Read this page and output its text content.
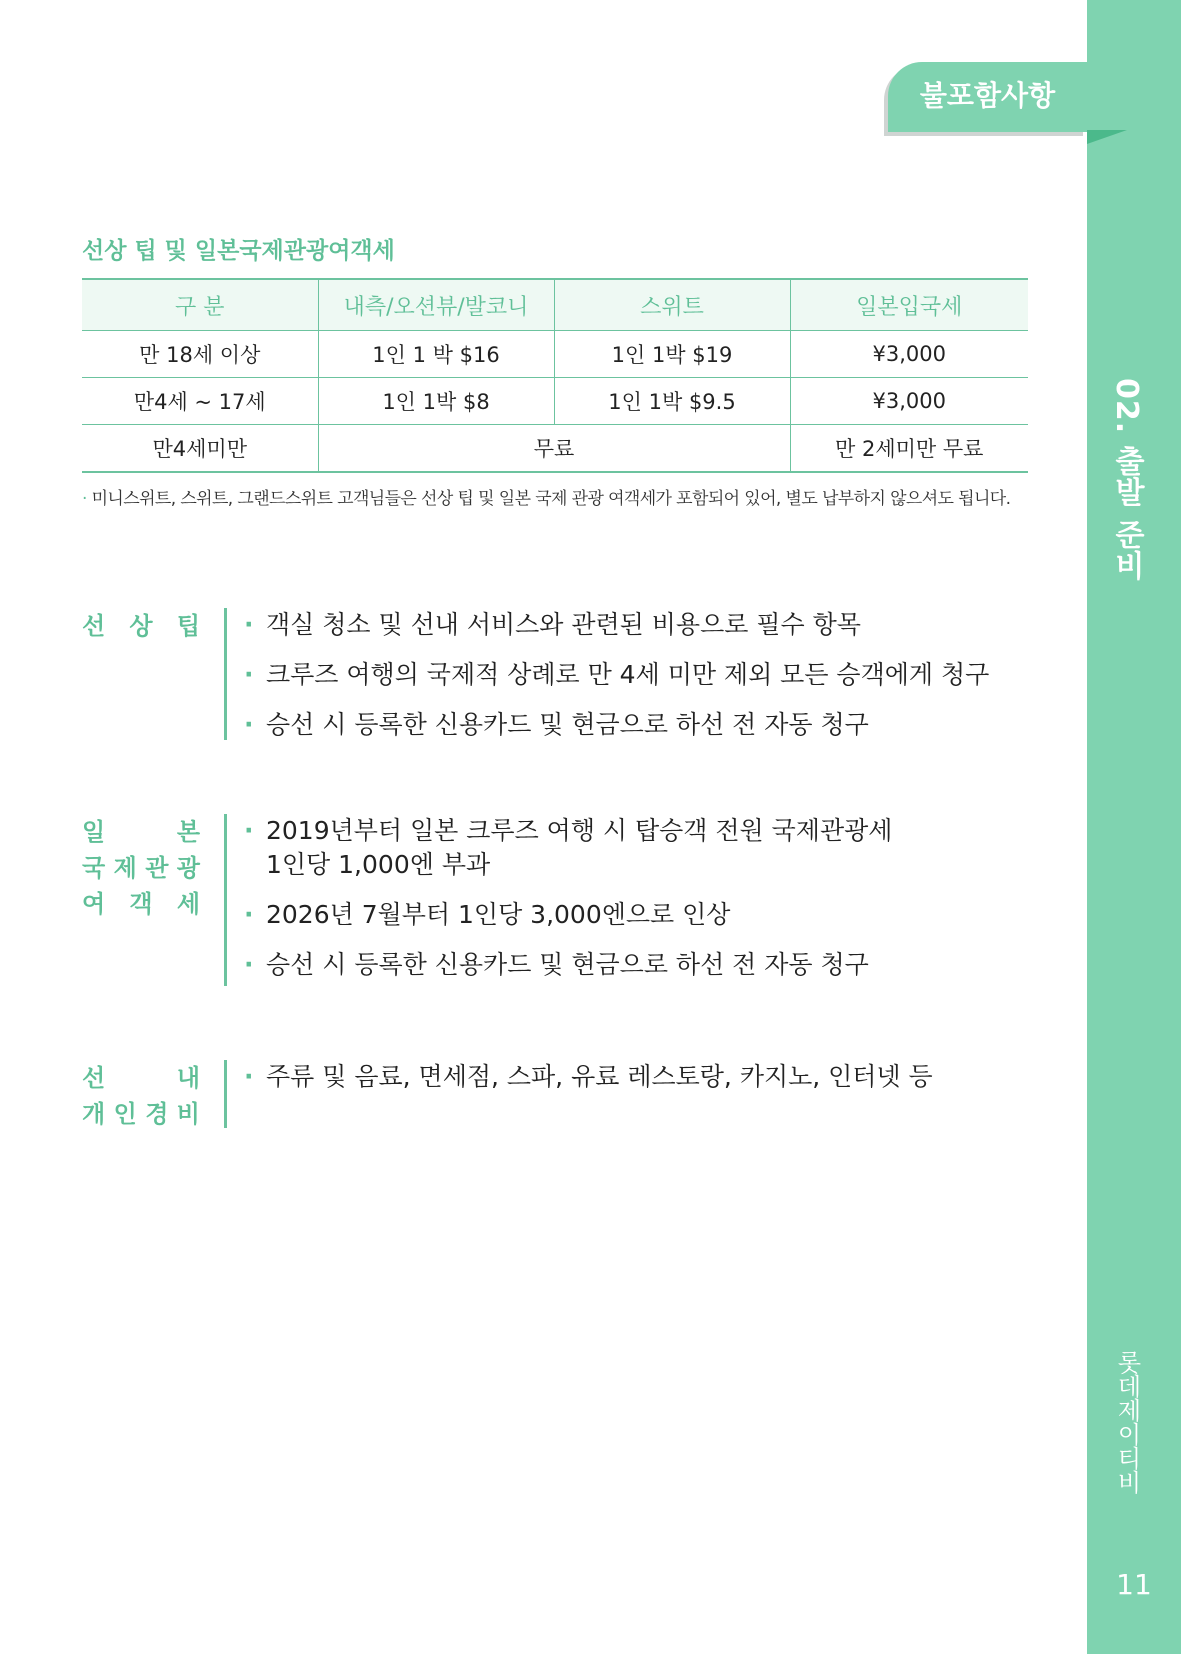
02. 출발 준비
롯데제이티비
11
불포함사항
선상 팁 및 일본국제관광여객세
구 분	내측/오션뷰/발코니	스위트	일본입국세
만 18세 이상	1인 1 박 $16	1인 1박 $19	¥3,000
만4세 ~ 17세	1인 1박 $8	1인 1박 $9.5	¥3,000
만4세미만	무료		만 2세미만 무료
· 미니스위트, 스위트, 그랜드스위트 고객님들은 선상 팁 및 일본 국제 관광 여객세가 포함되어 있어, 별도 납부하지 않으셔도 됩니다.
선 상 팁	· 객실 청소 및 선내 서비스와 관련된 비용으로 필수 항목
· 크루즈 여행의 국제적 상례로 만 4세 미만 제외 모든 승객에게 청구
· 승선 시 등록한 신용카드 및 현금으로 하선 전 자동 청구
일	본
국 제 관 광
여 객 세
· 2019년부터 일본 크루즈 여행 시 탑승객 전원 국제관광세
1인당 1,000엔 부과
· 2026년 7월부터 1인당 3,000엔으로 인상
· 승선 시 등록한 신용카드 및 현금으로 하선 전 자동 청구
선	내
개 인 경 비
· 주류 및 음료, 면세점, 스파, 유료 레스토랑, 카지노, 인터넷 등
